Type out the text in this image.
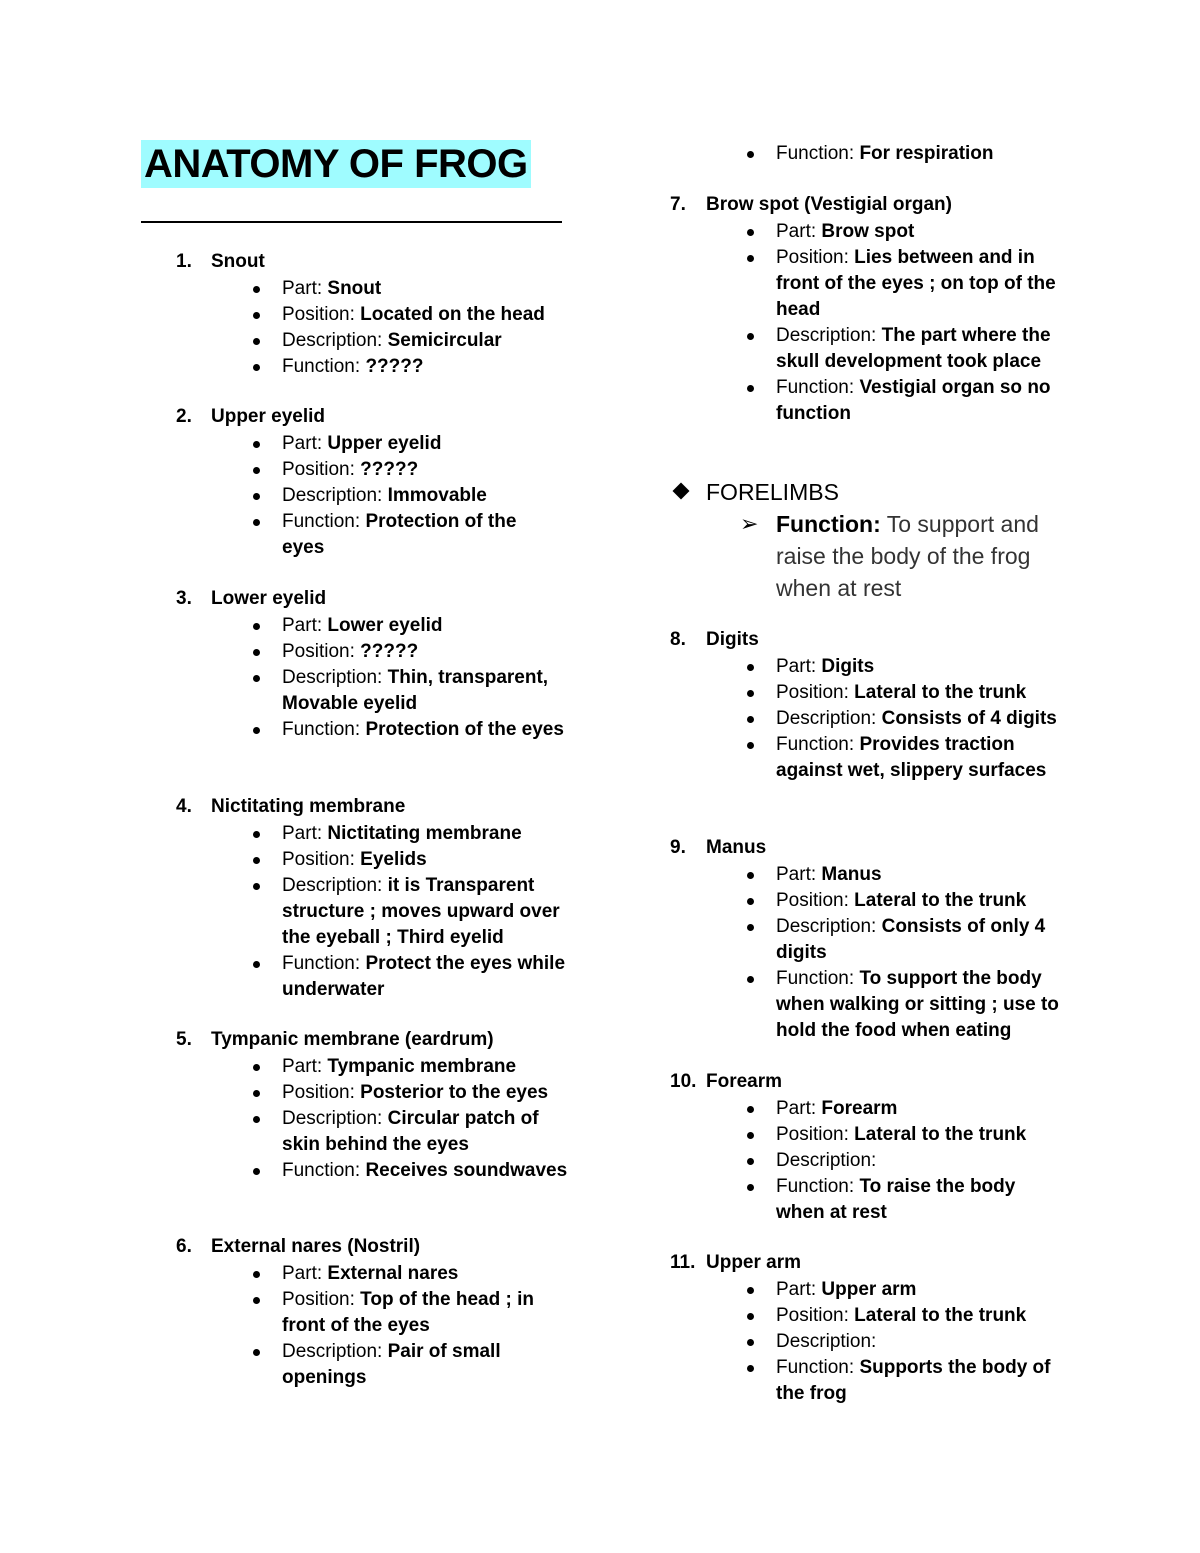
ANATOMY OF FROG
1. Snout
Part: Snout
Position: Located on the head
Description: Semicircular
Function: ?????
2. Upper eyelid
Part: Upper eyelid
Position: ?????
Description: Immovable
Function: Protection of the eyes
3. Lower eyelid
Part: Lower eyelid
Position: ?????
Description: Thin, transparent, Movable eyelid
Function: Protection of the eyes
4. Nictitating membrane
Part: Nictitating membrane
Position: Eyelids
Description: it is Transparent structure ; moves upward over the eyeball ; Third eyelid
Function: Protect the eyes while underwater
5. Tympanic membrane (eardrum)
Part: Tympanic membrane
Position: Posterior to the eyes
Description: Circular patch of skin behind the eyes
Function: Receives soundwaves
6. External nares (Nostril)
Part: External nares
Position: Top of the head ; in front of the eyes
Description: Pair of small openings
Function: For respiration
7. Brow spot (Vestigial organ)
Part: Brow spot
Position: Lies between and in front of the eyes ; on top of the head
Description: The part where the skull development took place
Function: Vestigial organ so no function
8. Digits
Part: Digits
Position: Lateral to the trunk
Description: Consists of 4 digits
Function: Provides traction against wet, slippery surfaces
9. Manus
Part: Manus
Position: Lateral to the trunk
Description: Consists of only 4 digits
Function: To support the body when walking or sitting ; use to hold the food when eating
10. Forearm
Part: Forearm
Position: Lateral to the trunk
Description:
Function: To raise the body when at rest
11. Upper arm
Part: Upper arm
Position: Lateral to the trunk
Description:
Function: Supports the body of the frog
FORELIMBS
➢ Function: To support and raise the body of the frog when at rest
